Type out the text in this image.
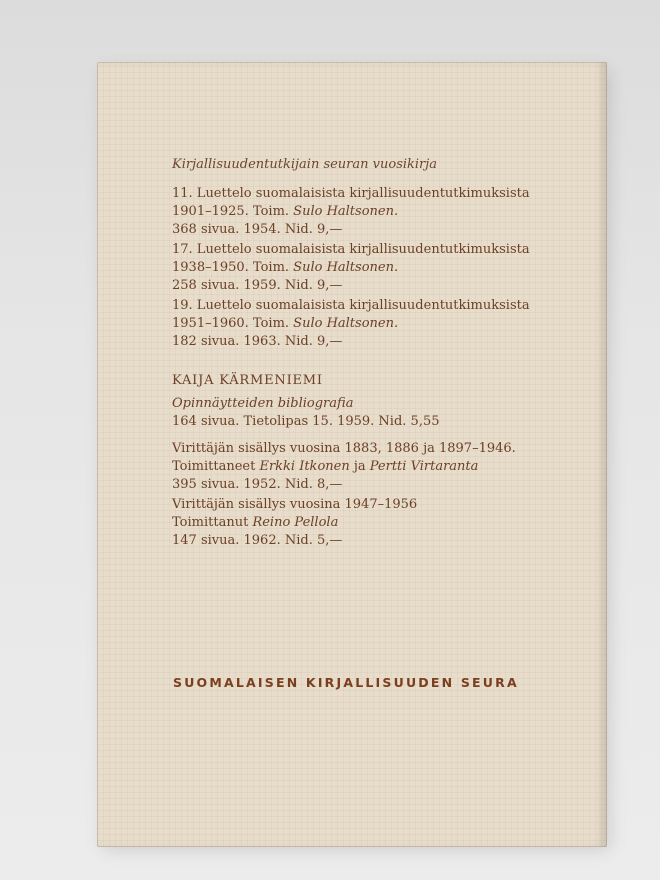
Kirjallisuudentutkijain seuran vuosikirja
11. Luettelo suomalaisista kirjallisuudentutkimuksista
1901–1925. Toim. Sulo Haltsonen.
368 sivua. 1954. Nid. 9,—
17. Luettelo suomalaisista kirjallisuudentutkimuksista
1938–1950. Toim. Sulo Haltsonen.
258 sivua. 1959. Nid. 9,—
19. Luettelo suomalaisista kirjallisuudentutkimuksista
1951–1960. Toim. Sulo Haltsonen.
182 sivua. 1963. Nid. 9,—
KAIJA KÄRMENIEMI
Opinnäytteiden bibliografia
164 sivua. Tietolipas 15. 1959. Nid. 5,55
Virittäjän sisällys vuosina 1883, 1886 ja 1897–1946.
Toimittaneet Erkki Itkonen ja Pertti Virtaranta
395 sivua. 1952. Nid. 8,—
Virittäjän sisällys vuosina 1947–1956
Toimittanut Reino Pellola
147 sivua. 1962. Nid. 5,—
SUOMALAISEN KIRJALLISUUDEN SEURA
